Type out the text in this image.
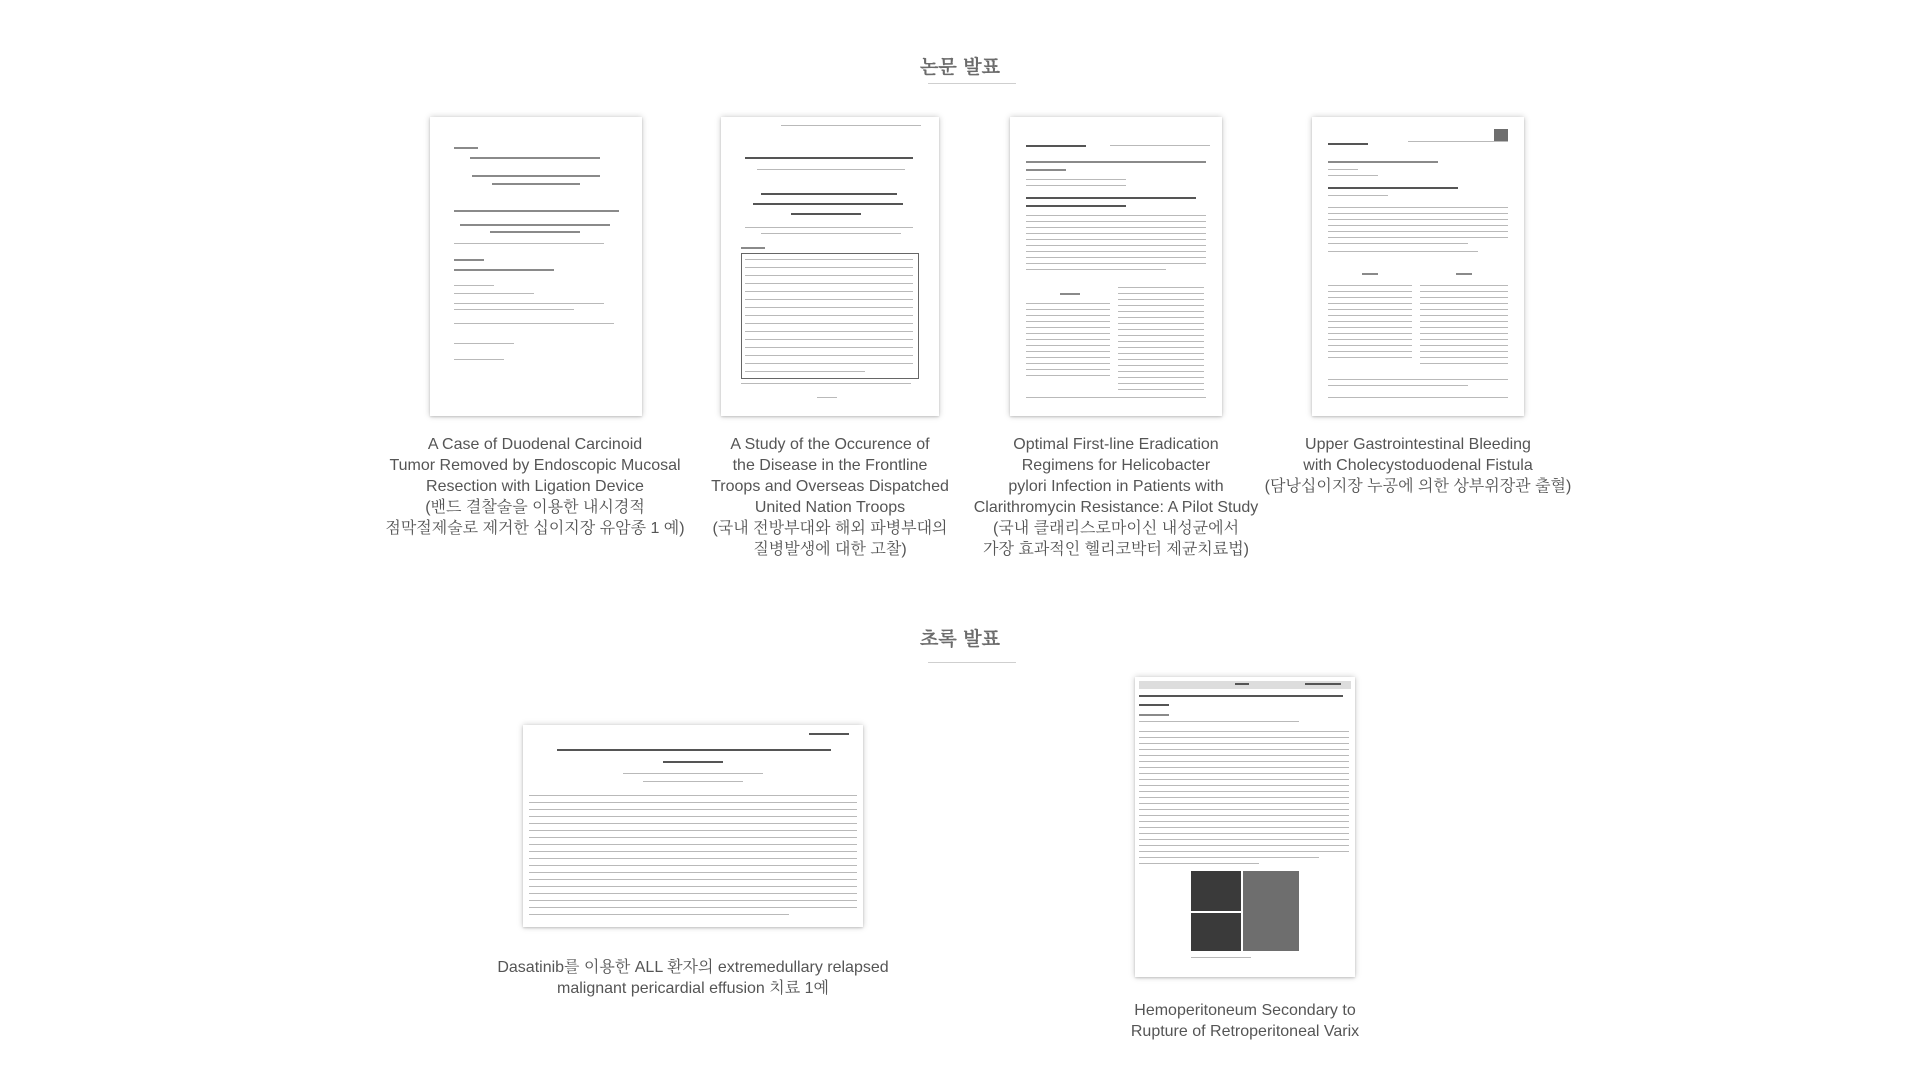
논문 발표
A Case of Duodenal Carcinoid
Tumor Removed by Endoscopic Mucosal
Resection with Ligation Device
(밴드 결찰술을 이용한 내시경적
점막절제술로 제거한 십이지장 유암종 1 예)
A Study of the Occurence of
the Disease in the Frontline
Troops and Overseas Dispatched
United Nation Troops
(국내 전방부대와 해외 파병부대의
질병발생에 대한 고찰)
Optimal First-line Eradication
Regimens for Helicobacter
pylori Infection in Patients with
Clarithromycin Resistance: A Pilot Study
(국내 클래리스로마이신 내성균에서
가장 효과적인 헬리코박터 제균치료법)
Upper Gastrointestinal Bleeding
with Cholecystoduodenal Fistula
(담낭십이지장 누공에 의한 상부위장관 출혈)
초록 발표
Dasatinib를 이용한 ALL 환자의 extremedullary relapsed
malignant pericardial effusion 치료 1예
Hemoperitoneum Secondary to
Rupture of Retroperitoneal Varix
